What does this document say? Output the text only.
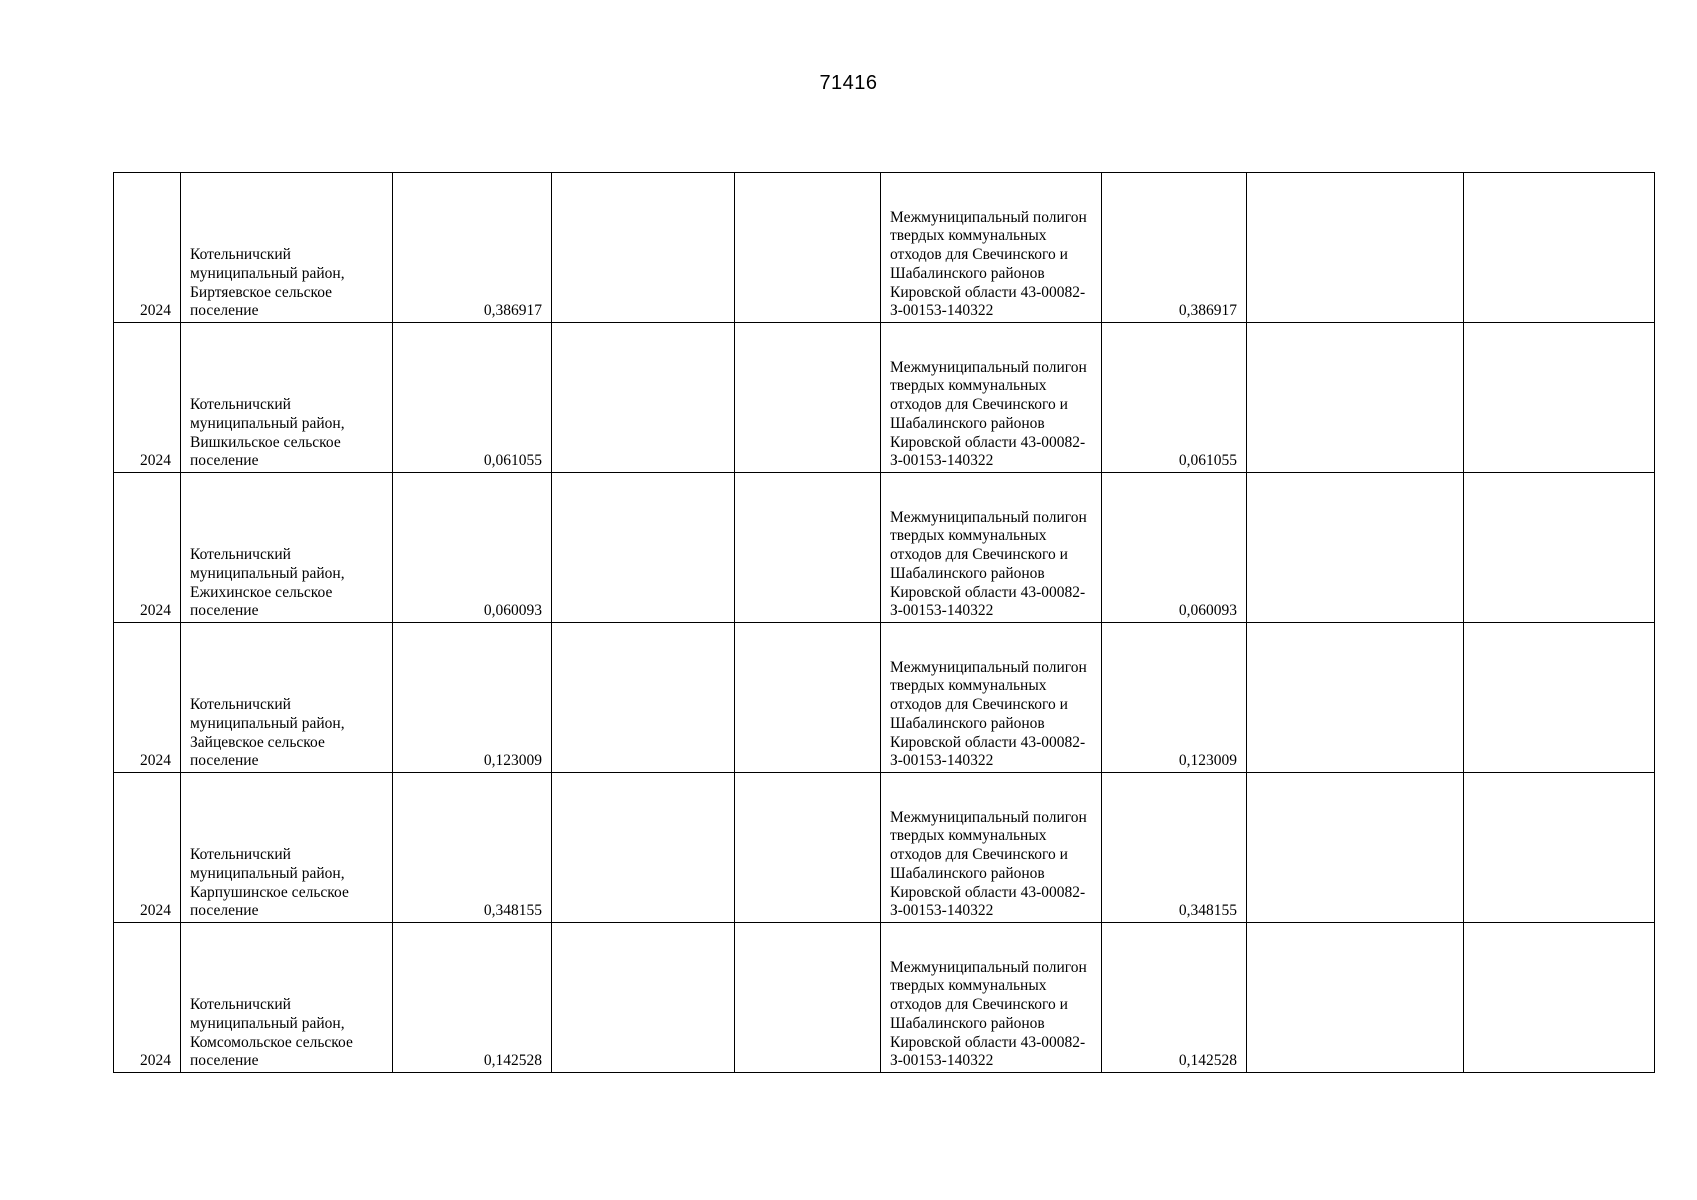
71416
2024	Котельничский муниципальный район, Биртяевское сельское поселение	0,386917			Межмуниципальный полигон твердых коммунальных отходов для Свечинского и Шабалинского районов Кировской области 43-00082-З-00153-140322	0,386917		
2024	Котельничский муниципальный район, Вишкильское сельское поселение	0,061055			Межмуниципальный полигон твердых коммунальных отходов для Свечинского и Шабалинского районов Кировской области 43-00082-З-00153-140322	0,061055		
2024	Котельничский муниципальный район, Ежихинское сельское поселение	0,060093			Межмуниципальный полигон твердых коммунальных отходов для Свечинского и Шабалинского районов Кировской области 43-00082-З-00153-140322	0,060093		
2024	Котельничский муниципальный район, Зайцевское сельское поселение	0,123009			Межмуниципальный полигон твердых коммунальных отходов для Свечинского и Шабалинского районов Кировской области 43-00082-З-00153-140322	0,123009		
2024	Котельничский муниципальный район, Карпушинское сельское поселение	0,348155			Межмуниципальный полигон твердых коммунальных отходов для Свечинского и Шабалинского районов Кировской области 43-00082-З-00153-140322	0,348155		
2024	Котельничский муниципальный район, Комсомольское сельское поселение	0,142528			Межмуниципальный полигон твердых коммунальных отходов для Свечинского и Шабалинского районов Кировской области 43-00082-З-00153-140322	0,142528		
